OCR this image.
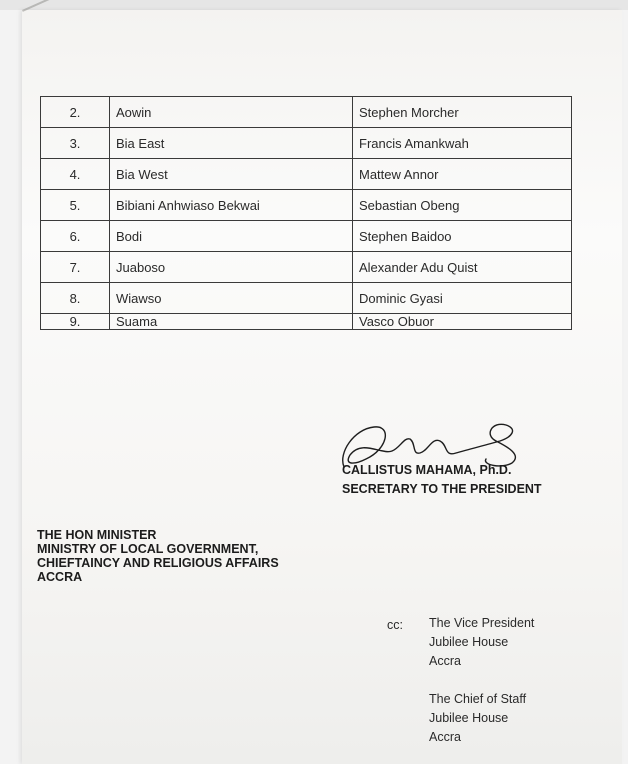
2.	Aowin	Stephen Morcher
3.	Bia East	Francis Amankwah
4.	Bia West	Mattew Annor
5.	Bibiani Anhwiaso Bekwai	Sebastian Obeng
6.	Bodi	Stephen Baidoo
7.	Juaboso	Alexander Adu Quist
8.	Wiawso	Dominic Gyasi
9.	Suama	Vasco Obuor
CALLISTUS MAHAMA, Ph.D.
SECRETARY TO THE PRESIDENT
THE HON MINISTER
MINISTRY OF LOCAL GOVERNMENT,
CHIEFTAINCY AND RELIGIOUS AFFAIRS
ACCRA
cc: The Vice President
Jubilee House
Accra
The Chief of Staff
Jubilee House
Accra
